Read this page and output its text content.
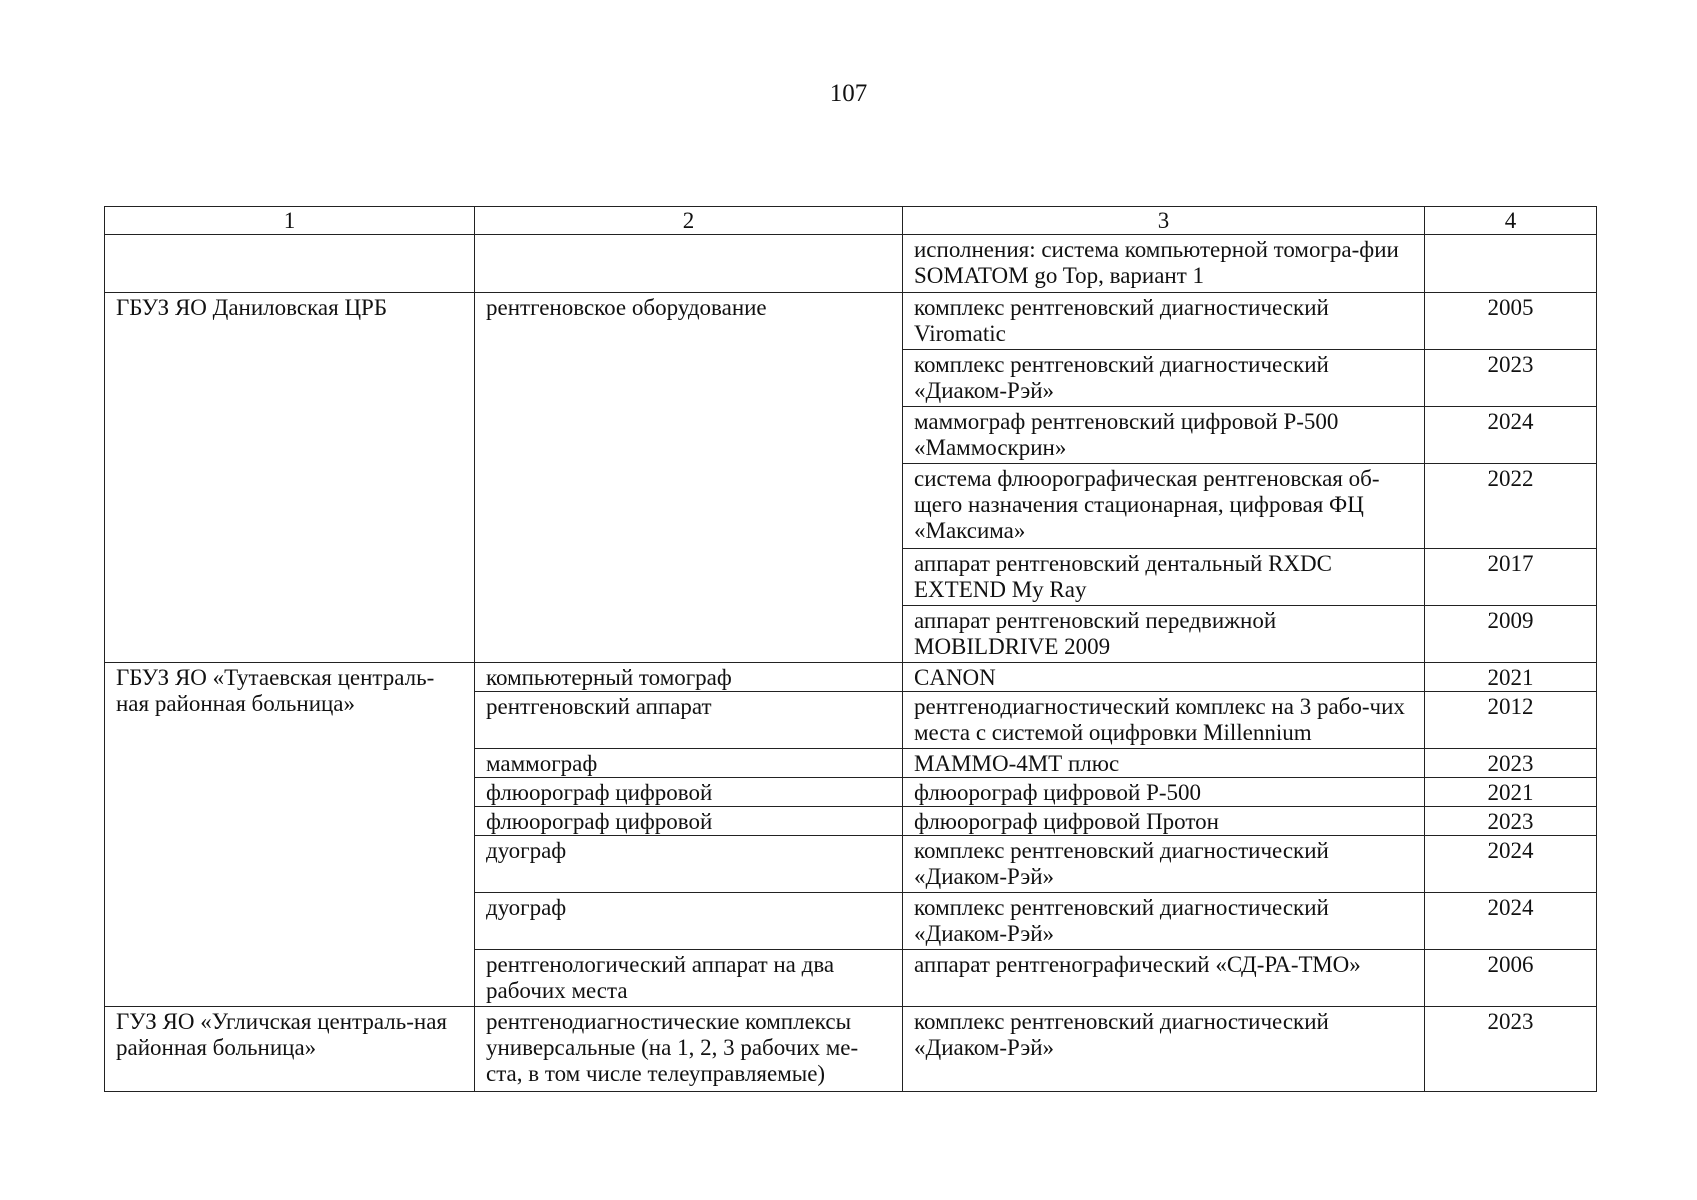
107
1	2	3	4
		исполнения: система компьютерной томогра-фии SOMATOM go Top, вариант 1	
ГБУЗ ЯО Даниловская ЦРБ	рентгеновское оборудование	комплекс рентгеновский диагностический Viromatic	2005
		комплекс рентгеновский диагностический «Диаком-Рэй»	2023
		маммограф рентгеновский цифровой Р-500 «Маммоскрин»	2024
		система флюорографическая рентгеновская об-щего назначения стационарная, цифровая ФЦ «Максима»	2022
		аппарат рентгеновский дентальный RXDC EXTEND My Ray	2017
		аппарат рентгеновский передвижной MOBILDRIVE 2009	2009
ГБУЗ ЯО «Тутаевская централь-ная районная больница»	компьютерный томограф	CANON	2021
	рентгеновский аппарат	рентгенодиагностический комплекс на 3 рабо-чих места с системой оцифровки Millennium	2012
	маммограф	МАММО-4МТ плюс	2023
	флюорограф цифровой	флюорограф цифровой Р-500	2021
	флюорограф цифровой	флюорограф цифровой Протон	2023
	дуограф	комплекс рентгеновский диагностический «Диаком-Рэй»	2024
	дуограф	комплекс рентгеновский диагностический «Диаком-Рэй»	2024
	рентгенологический аппарат на два рабочих места	аппарат рентгенографический «СД-РА-ТМО»	2006
ГУЗ ЯО «Угличская централь-ная районная больница»	рентгенодиагностические комплексы универсальные (на 1, 2, 3 рабочих ме-ста, в том числе телеуправляемые)	комплекс рентгеновский диагностический «Диаком-Рэй»	2023
